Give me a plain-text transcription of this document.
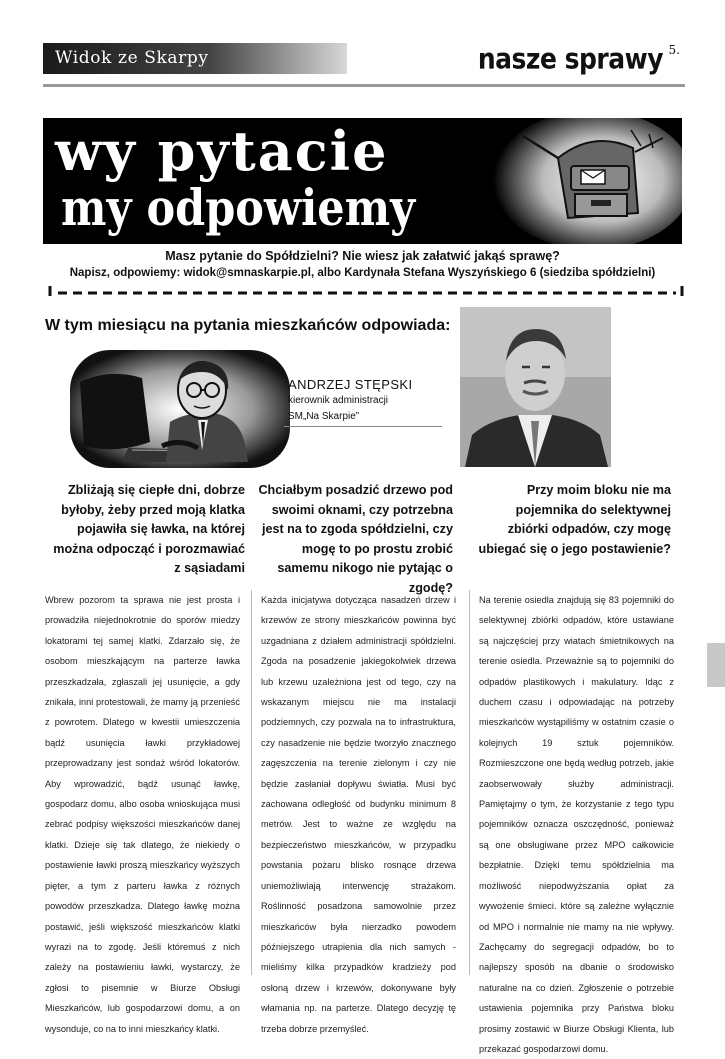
Widok ze Skarpy	nasze sprawy 5.
wy pytacie
my odpowiemy
Masz pytanie do Spółdzielni? Nie wiesz jak załatwić jakąś sprawę?
Napisz, odpowiemy: widok@smnaskarpie.pl, albo Kardynała Stefana Wyszyńskiego 6 (siedziba spółdzielni)
W tym miesiącu na pytania mieszkańców odpowiada:
ANDRZEJ STĘPSKI
kierownik administracji
SM„Na Skarpie”
Zbliżają się ciepłe dni, dobrze byłoby, żeby przed moją klatka pojawiła się ławka, na której można odpocząć i porozmawiać z sąsiadami
Chciałbym posadzić drzewo pod swoimi oknami, czy potrzebna jest na to zgoda spółdzielni, czy mogę to po prostu zrobić samemu nikogo nie pytając o zgodę?
Przy moim bloku nie ma pojemnika do selektywnej zbiórki odpadów, czy mogę ubiegać się o jego postawienie?
Wbrew pozorom ta sprawa nie jest prosta i prowadziła niejednokrotnie do sporów miedzy lokatorami tej samej klatki. Zdarzało się, że osobom mieszkającym na parterze ławka przeszkadzała, zgłaszali jej usunięcie, a gdy znikała, inni protestowali, że mamy ją przenieść z powrotem. Dlatego w kwestii umieszczenia bądź usunięcia ławki przykładowej przeprowadzany jest sondaż wśród lokatorów. Aby wprowadzić, bądź usunąć ławkę, gospodarz domu, albo osoba wnioskująca musi zebrać podpisy większości mieszkańców danej klatki. Dzieje się tak dlatego, że niekiedy o postawienie ławki proszą mieszkańcy wyższych pięter, a tym z parteru ławka z różnych powodów przeszkadza. Dlatego ławkę można postawić, jeśli większość mieszkańców klatki wyrazi na to zgodę. Jeśli któremuś z nich zależy na postawieniu ławki, wystarczy, że zgłosi to pisemnie w Biurze Obsługi Mieszkańców, lub gospodarzowi domu, a on wysonduje, co na to inni mieszkańcy klatki.
Każda inicjatywa dotycząca nasadzeń drzew i krzewów ze strony mieszkańców powinna być uzgadniana z działem administracji spółdzielni. Zgoda na posadzenie jakiegokolwiek drzewa lub krzewu uzależniona jest od tego, czy na wskazanym miejscu nie ma instalacji podziemnych, czy pozwala na to infrastruktura, czy nasadzenie nie będzie tworzyło znacznego zagęszczenia na terenie zielonym i czy nie będzie zasłaniał dopływu światła. Musi być zachowana odległość od budynku minimum 8 metrów. Jest to ważne ze względu na bezpieczeństwo mieszkańców, w przypadku powstania pożaru blisko rosnące drzewa uniemożliwiają interwencję strażakom. Roślinność posadzona samowolnie przez mieszkańców była nierzadko powodem późniejszego utrapienia dla nich samych - mieliśmy kilka przypadków kradzieży pod osłoną drzew i krzewów, dokonywane były włamania np. na parterze. Dlatego decyzję tę trzeba dobrze przemyśleć.
Na terenie osiedla znajdują się 83 pojemniki do selektywnej zbiórki odpadów, które ustawiane są najczęściej przy wiatach śmietnikowych na terenie osiedla. Przeważnie są to pojemniki do odpadów plastikowych i makulatury. Idąc z duchem czasu i odpowiadając na potrzeby mieszkańców wystąpiliśmy w ostatnim czasie o kolejnych 19 sztuk pojemników. Rozmieszczone one będą według potrzeb, jakie zaobserwowały służby administracji. Pamiętajmy o tym, że korzystanie z tego typu pojemników oznacza oszczędność, ponieważ są one obsługiwane przez MPO całkowicie bezpłatnie. Dzięki temu spółdzielnia ma możliwość niepodwyższania opłat za wywożenie śmieci. które są zależne wyłącznie od MPO i normalnie nie mamy na nie wpływy. Zachęcamy do segregacji odpadów, bo to najlepszy sposób na dbanie o środowisko naturalne na co dzień. Zgłoszenie o potrzebie ustawienia pojemnika przy Państwa bloku prosimy zostawić w Biurze Obsługi Klienta, lub przekazać gospodarzowi domu.
